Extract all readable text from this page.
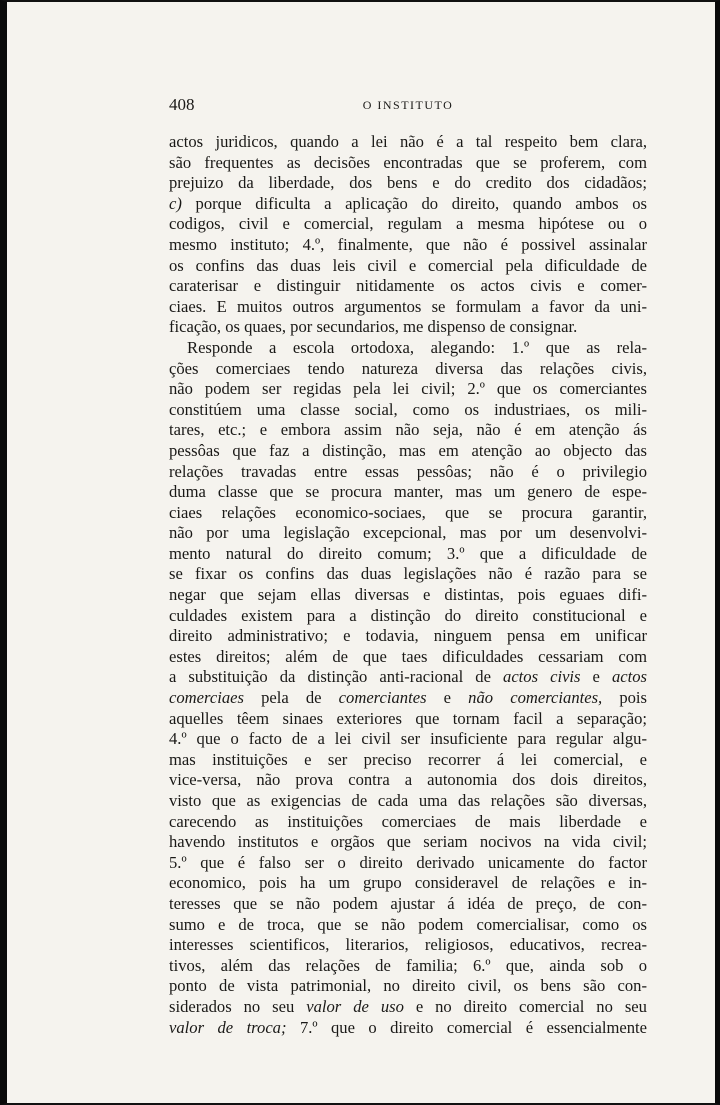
408	O INSTITUTO
actos juridicos, quando a lei não é a tal respeito bem clara,
são frequentes as decisões encontradas que se proferem, com
prejuizo da liberdade, dos bens e do credito dos cidadãos;
c) porque dificulta a aplicação do direito, quando ambos os
codigos, civil e comercial, regulam a mesma hipótese ou o
mesmo instituto; 4.º, finalmente, que não é possivel assinalar
os confins das duas leis civil e comercial pela dificuldade de
caraterisar e distinguir nitidamente os actos civis e comer-
ciaes. E muitos outros argumentos se formulam a favor da uni-
ficação, os quaes, por secundarios, me dispenso de consignar.
Responde a escola ortodoxa, alegando: 1.º que as rela-
ções comerciaes tendo natureza diversa das relações civis,
não podem ser regidas pela lei civil; 2.º que os comerciantes
constitúem uma classe social, como os industriaes, os mili-
tares, etc.; e embora assim não seja, não é em atenção ás
pessôas que faz a distinção, mas em atenção ao objecto das
relações travadas entre essas pessôas; não é o privilegio
duma classe que se procura manter, mas um genero de espe-
ciaes relações economico-sociaes, que se procura garantir,
não por uma legislação excepcional, mas por um desenvolvi-
mento natural do direito comum; 3.º que a dificuldade de
se fixar os confins das duas legislações não é razão para se
negar que sejam ellas diversas e distintas, pois eguaes difi-
culdades existem para a distinção do direito constitucional e
direito administrativo; e todavia, ninguem pensa em unificar
estes direitos; além de que taes dificuldades cessariam com
a substituição da distinção anti-racional de actos civis e actos
comerciaes pela de comerciantes e não comerciantes, pois
aquelles têem sinaes exteriores que tornam facil a separação;
4.º que o facto de a lei civil ser insuficiente para regular algu-
mas instituições e ser preciso recorrer á lei comercial, e
vice-versa, não prova contra a autonomia dos dois direitos,
visto que as exigencias de cada uma das relações são diversas,
carecendo as instituições comerciaes de mais liberdade e
havendo institutos e orgãos que seriam nocivos na vida civil;
5.º que é falso ser o direito derivado unicamente do factor
economico, pois ha um grupo consideravel de relações e in-
teresses que se não podem ajustar á idéa de preço, de con-
sumo e de troca, que se não podem comercialisar, como os
interesses scientificos, literarios, religiosos, educativos, recrea-
tivos, além das relações de familia; 6.º que, ainda sob o
ponto de vista patrimonial, no direito civil, os bens são con-
siderados no seu valor de uso e no direito comercial no seu
valor de troca; 7.º que o direito comercial é essencialmente
